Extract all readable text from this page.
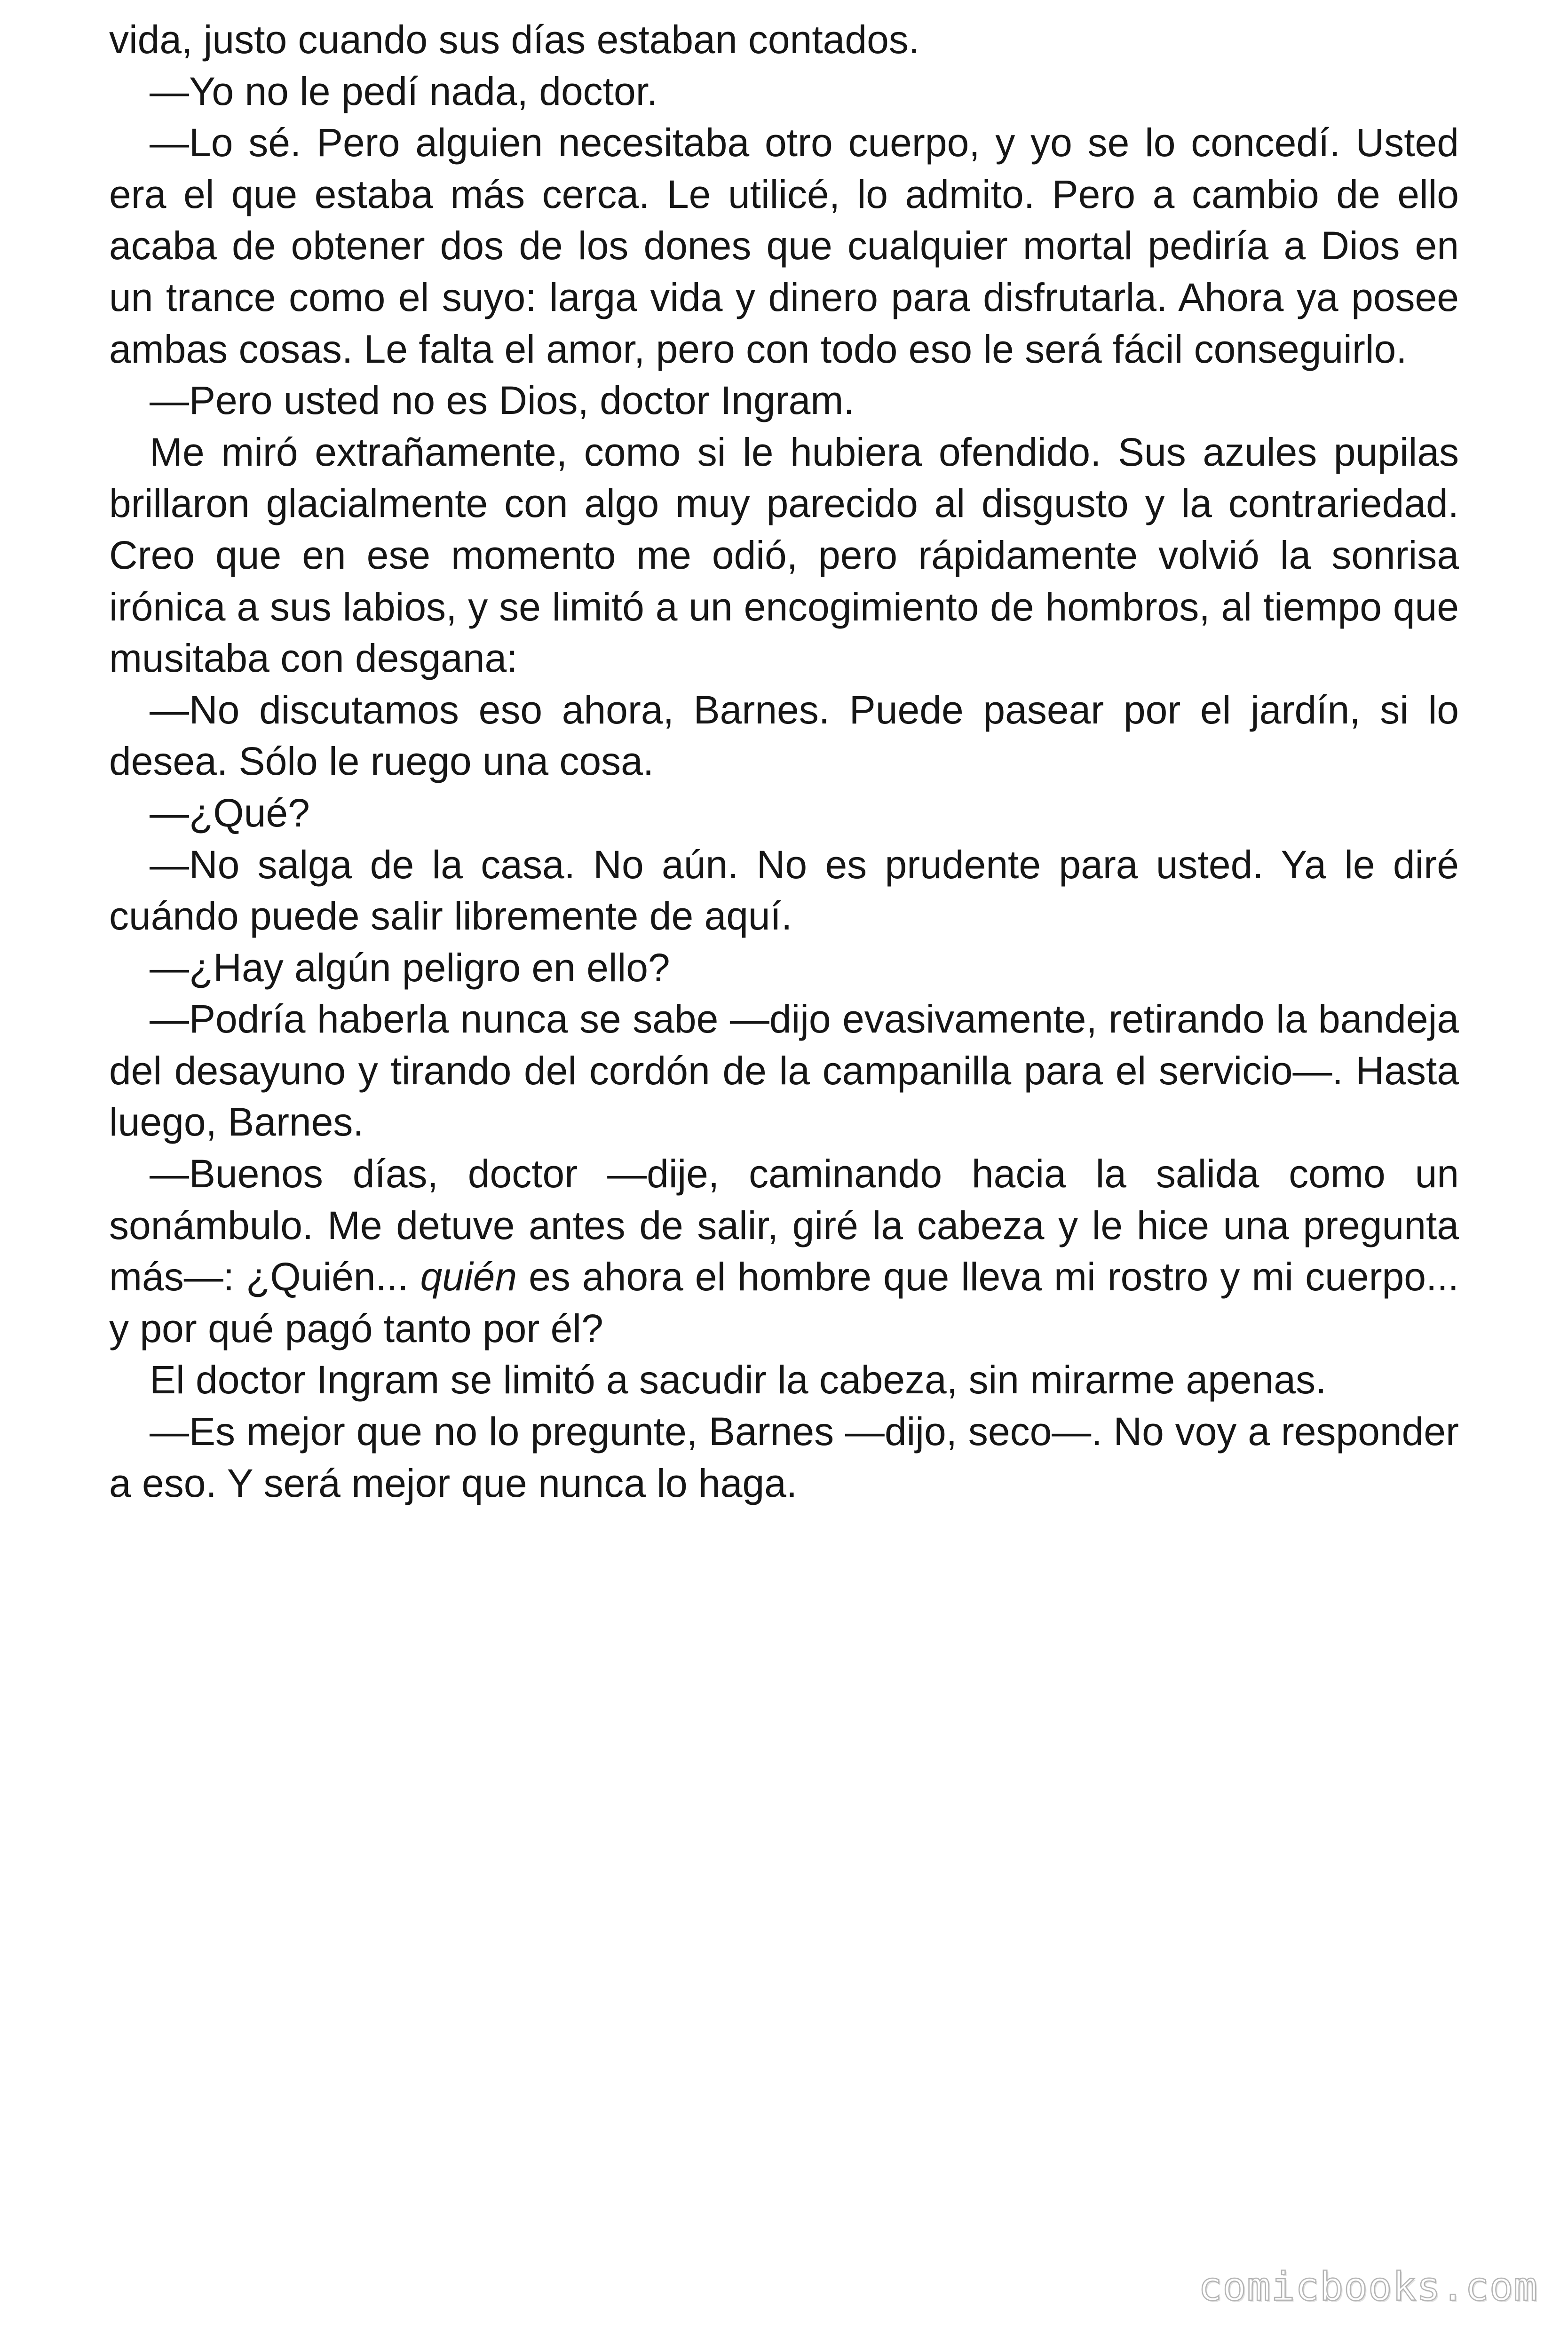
vida, justo cuando sus días estaban contados.

—Yo no le pedí nada, doctor.

—Lo sé. Pero alguien necesitaba otro cuerpo, y yo se lo concedí. Usted era el que estaba más cerca. Le utilicé, lo admito. Pero a cambio de ello acaba de obtener dos de los dones que cualquier mortal pediría a Dios en un trance como el suyo: larga vida y dinero para disfrutarla. Ahora ya posee ambas cosas. Le falta el amor, pero con todo eso le será fácil conseguirlo.

—Pero usted no es Dios, doctor Ingram.

Me miró extrañamente, como si le hubiera ofendido. Sus azules pupilas brillaron glacialmente con algo muy parecido al disgusto y la contrariedad. Creo que en ese momento me odió, pero rápidamente volvió la sonrisa irónica a sus labios, y se limitó a un encogimiento de hombros, al tiempo que musitaba con desgana:

—No discutamos eso ahora, Barnes. Puede pasear por el jardín, si lo desea. Sólo le ruego una cosa.

—¿Qué?

—No salga de la casa. No aún. No es prudente para usted. Ya le diré cuándo puede salir libremente de aquí.

—¿Hay algún peligro en ello?

—Podría haberla nunca se sabe —dijo evasivamente, retirando la bandeja del desayuno y tirando del cordón de la campanilla para el servicio—. Hasta luego, Barnes.

—Buenos días, doctor —dije, caminando hacia la salida como un sonámbulo. Me detuve antes de salir, giré la cabeza y le hice una pregunta más—: ¿Quién... quién es ahora el hombre que lleva mi rostro y mi cuerpo... y por qué pagó tanto por él?

El doctor Ingram se limitó a sacudir la cabeza, sin mirarme apenas.

—Es mejor que no lo pregunte, Barnes —dijo, seco—. No voy a responder a eso. Y será mejor que nunca lo haga.

comicbooks.com
